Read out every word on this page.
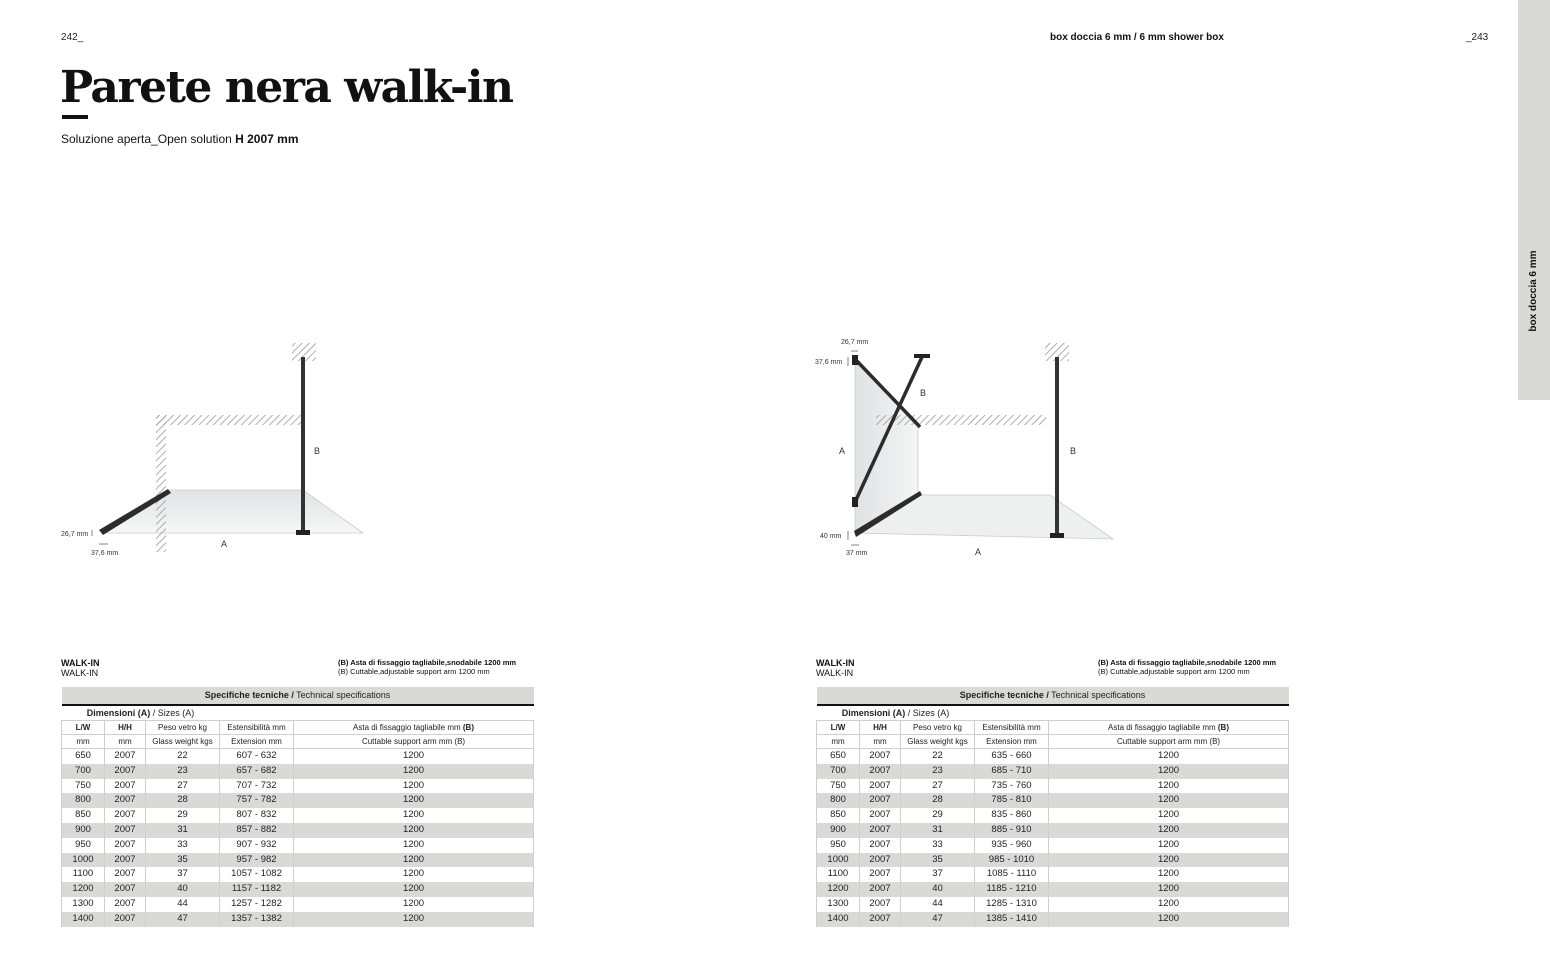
242_	box doccia 6 mm / 6 mm shower box	_243
box doccia 6 mm
Parete nera walk-in
Soluzione aperta_Open solution H 2007 mm
B
A
26,7 mm
37,6 mm
B
B
A
A
26,7 mm
37,6 mm
40 mm
37 mm
WALK-IN
WALK-IN
(B) Asta di fissaggio tagliabile,snodabile 1200 mm
(B) Cuttable,adjustable support arm 1200 mm
Specifiche tecniche / Technical specifications				
Dimensioni (A) / Sizes (A)				
L/W	H/H	Peso vetro kg	Estensibilità mm	Asta di fissaggio tagliabile mm (B)
mm	mm	Glass weight kgs	Extension mm	Cuttable support arm mm (B)
650	2007	22	607 - 632	1200
700	2007	23	657 - 682	1200
750	2007	27	707 - 732	1200
800	2007	28	757 - 782	1200
850	2007	29	807 - 832	1200
900	2007	31	857 - 882	1200
950	2007	33	907 - 932	1200
1000	2007	35	957 - 982	1200
1100	2007	37	1057 - 1082	1200
1200	2007	40	1157 - 1182	1200
1300	2007	44	1257 - 1282	1200
1400	2007	47	1357 - 1382	1200
WALK-IN
WALK-IN
(B) Asta di fissaggio tagliabile,snodabile 1200 mm
(B) Cuttable,adjustable support arm 1200 mm
Specifiche tecniche / Technical specifications				
Dimensioni (A) / Sizes (A)				
L/W	H/H	Peso vetro kg	Estensibilità mm	Asta di fissaggio tagliabile mm (B)
mm	mm	Glass weight kgs	Extension mm	Cuttable support arm mm (B)
650	2007	22	635 - 660	1200
700	2007	23	685 - 710	1200
750	2007	27	735 - 760	1200
800	2007	28	785 - 810	1200
850	2007	29	835 - 860	1200
900	2007	31	885 - 910	1200
950	2007	33	935 - 960	1200
1000	2007	35	985 - 1010	1200
1100	2007	37	1085 - 1110	1200
1200	2007	40	1185 - 1210	1200
1300	2007	44	1285 - 1310	1200
1400	2007	47	1385 - 1410	1200
